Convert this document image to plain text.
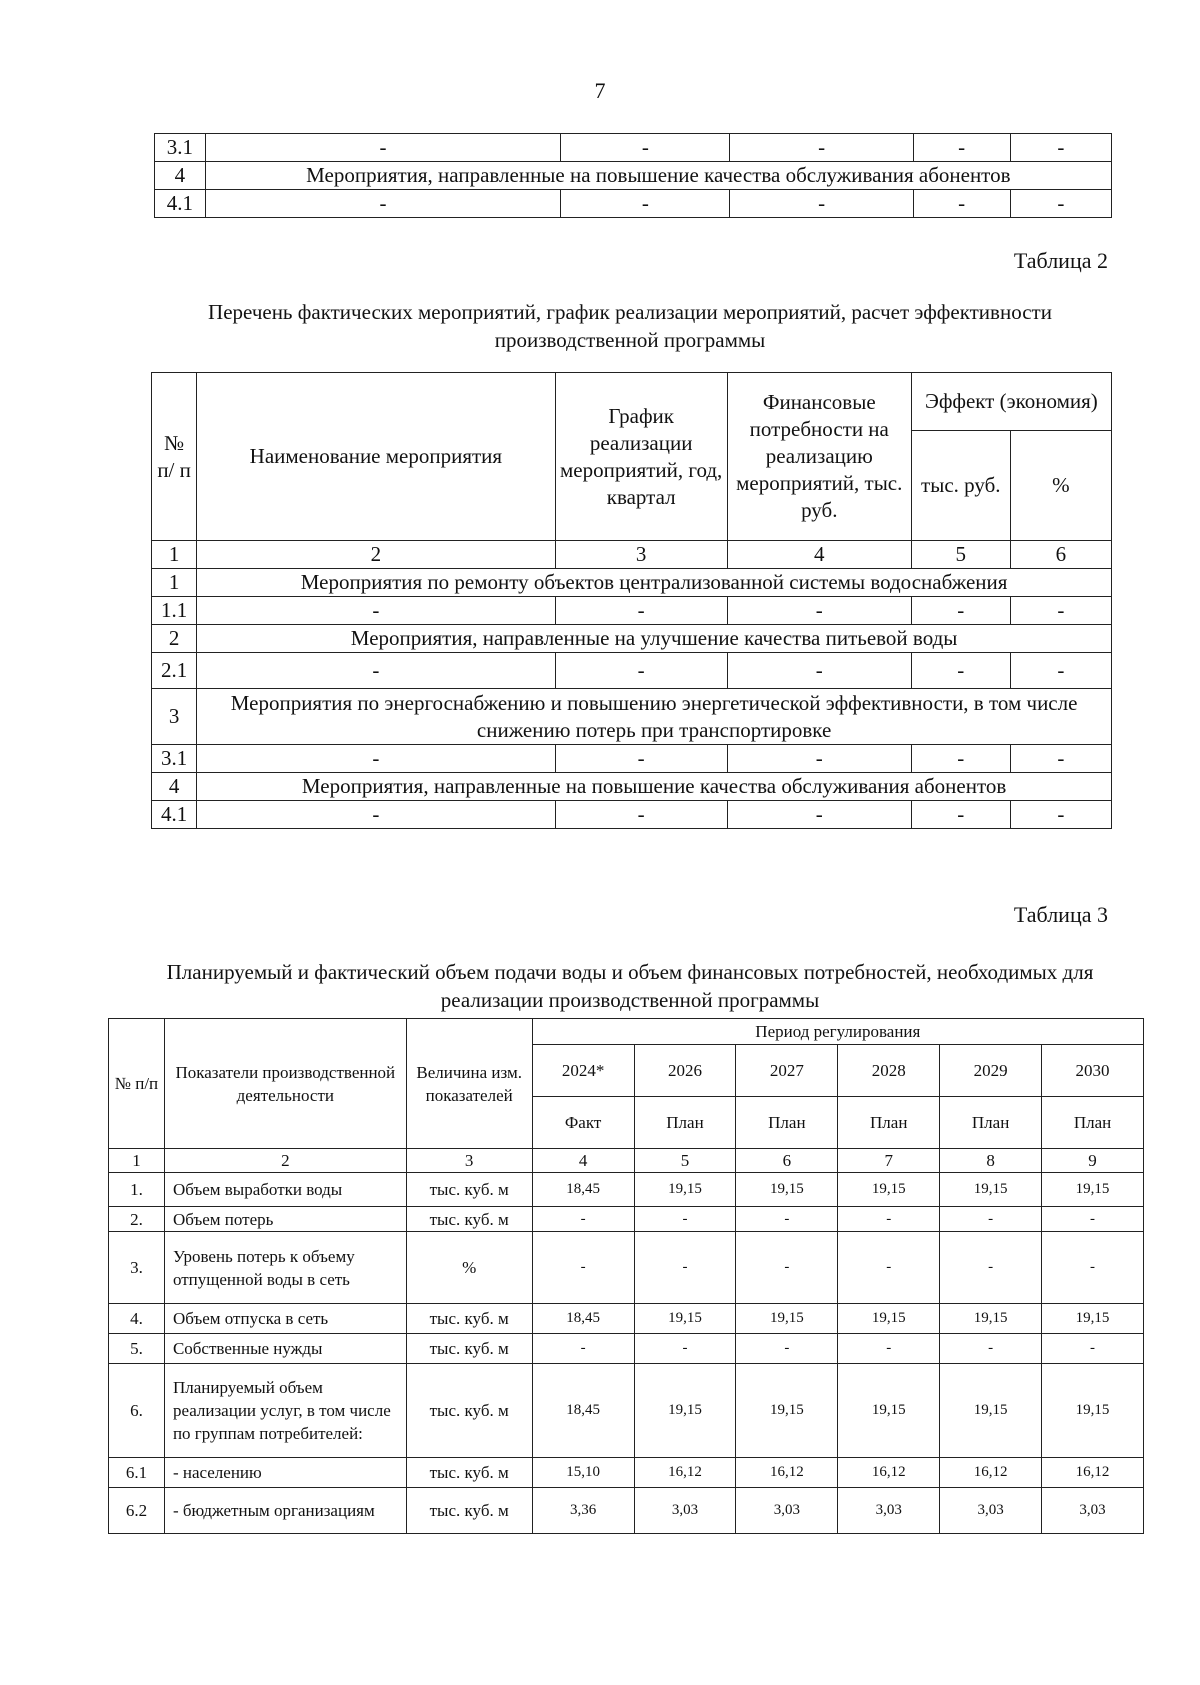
7
3.1	-	-	-	-	-
4	Мероприятия, направленные на повышение качества обслуживания абонентов				
4.1	-	-	-	-	-
Таблица 2
Перечень фактических мероприятий, график реализации мероприятий, расчет эффективности производственной программы
№ п/ п	Наименование мероприятия	График реализации мероприятий, год, квартал	Финансовые потребности на реализацию мероприятий, тыс. руб.	Эффект (экономия)	
				тыс. руб.	%
1	2	3	4	5	6
1	Мероприятия по ремонту объектов централизованной системы водоснабжения				
1.1	-	-	-	-	-
2	Мероприятия, направленные на улучшение качества питьевой воды				
2.1	-	-	-	-	-
3	Мероприятия по энергоснабжению и повышению энергетической эффективности, в том числе снижению потерь при транспортировке				
3.1	-	-	-	-	-
4	Мероприятия, направленные на повышение качества обслуживания абонентов				
4.1	-	-	-	-	-
Таблица 3
Планируемый и фактический объем подачи воды и объем финансовых потребностей, необходимых для реализации производственной программы
№ п/п	Показатели производственной деятельности	Величина изм. показателей	Период регулирования					
			2024*	2026	2027	2028	2029	2030
			Факт	План	План	План	План	План
1	2	3	4	5	6	7	8	9
1.	Объем выработки воды	тыс. куб. м	18,45	19,15	19,15	19,15	19,15	19,15
2.	Объем потерь	тыс. куб. м	-	-	-	-	-	-
3.	Уровень потерь к объему отпущенной воды в сеть	%	-	-	-	-	-	-
4.	Объем отпуска в сеть	тыс. куб. м	18,45	19,15	19,15	19,15	19,15	19,15
5.	Собственные нужды	тыс. куб. м	-	-	-	-	-	-
6.	Планируемый объем реализации услуг, в том числе по группам потребителей:	тыс. куб. м	18,45	19,15	19,15	19,15	19,15	19,15
6.1	- населению	тыс. куб. м	15,10	16,12	16,12	16,12	16,12	16,12
6.2	- бюджетным организациям	тыс. куб. м	3,36	3,03	3,03	3,03	3,03	3,03
